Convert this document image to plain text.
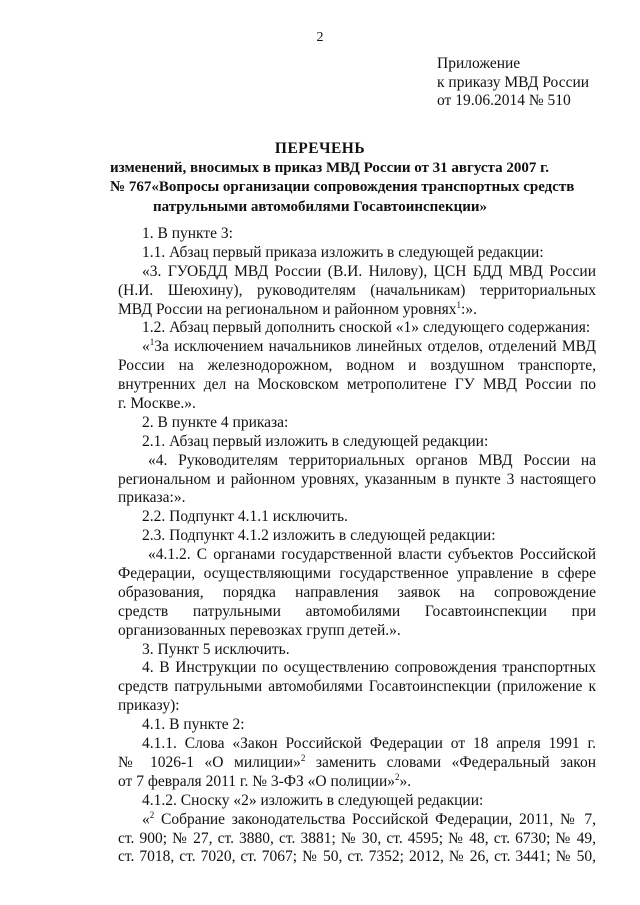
2
Приложение
к приказу МВД России
от 19.06.2014 № 510
ПЕРЕЧЕНЬ
изменений, вносимых в приказ МВД России от 31 августа 2007 г.
№ 767«Вопросы организации сопровождения транспортных средств
патрульными автомобилями Госавтоинспекции»
1. В пункте 3:
1.1. Абзац первый приказа изложить в следующей редакции:
«3. ГУОБДД МВД России (В.И. Нилову), ЦСН БДД МВД России
(Н.И. Шеюхину), руководителям (начальникам) территориальных
МВД России на региональном и районном уровнях$^1$:».
1.2. Абзац первый дополнить сноской «1» следующего содержания:
«$^1$За исключением начальников линейных отделов, отделений МВД
России на железнодорожном, водном и воздушном транспорте,
внутренних дел на Московском метрополитене ГУ МВД России по
г. Москве.».
2. В пункте 4 приказа:
2.1. Абзац первый изложить в следующей редакции:
«4. Руководителям территориальных органов МВД России на
региональном и районном уровнях, указанным в пункте 3 настоящего
приказа:».
2.2. Подпункт 4.1.1 исключить.
2.3. Подпункт 4.1.2 изложить в следующей редакции:
«4.1.2. С органами государственной власти субъектов Российской
Федерации, осуществляющими государственное управление в сфере
образования, порядка направления заявок на сопровождение
средств патрульными автомобилями Госавтоинспекции при
организованных перевозках групп детей.».
3. Пункт 5 исключить.
4. В Инструкции по осуществлению сопровождения транспортных
средств патрульными автомобилями Госавтоинспекции (приложение к
приказу):
4.1. В пункте 2:
4.1.1. Слова «Закон Российской Федерации от 18 апреля 1991 г.
№ 1026-1 «О милиции»$^2$ заменить словами «Федеральный закон
от 7 февраля 2011 г. № 3-ФЗ «О полиции»$^2$».
4.1.2. Сноску «2» изложить в следующей редакции:
«$^2$ Собрание законодательства Российской Федерации, 2011, № 7,
ст. 900; № 27, ст. 3880, ст. 3881; № 30, ст. 4595; № 48, ст. 6730; № 49,
ст. 7018, ст. 7020, ст. 7067; № 50, ст. 7352; 2012, № 26, ст. 3441; № 50,
